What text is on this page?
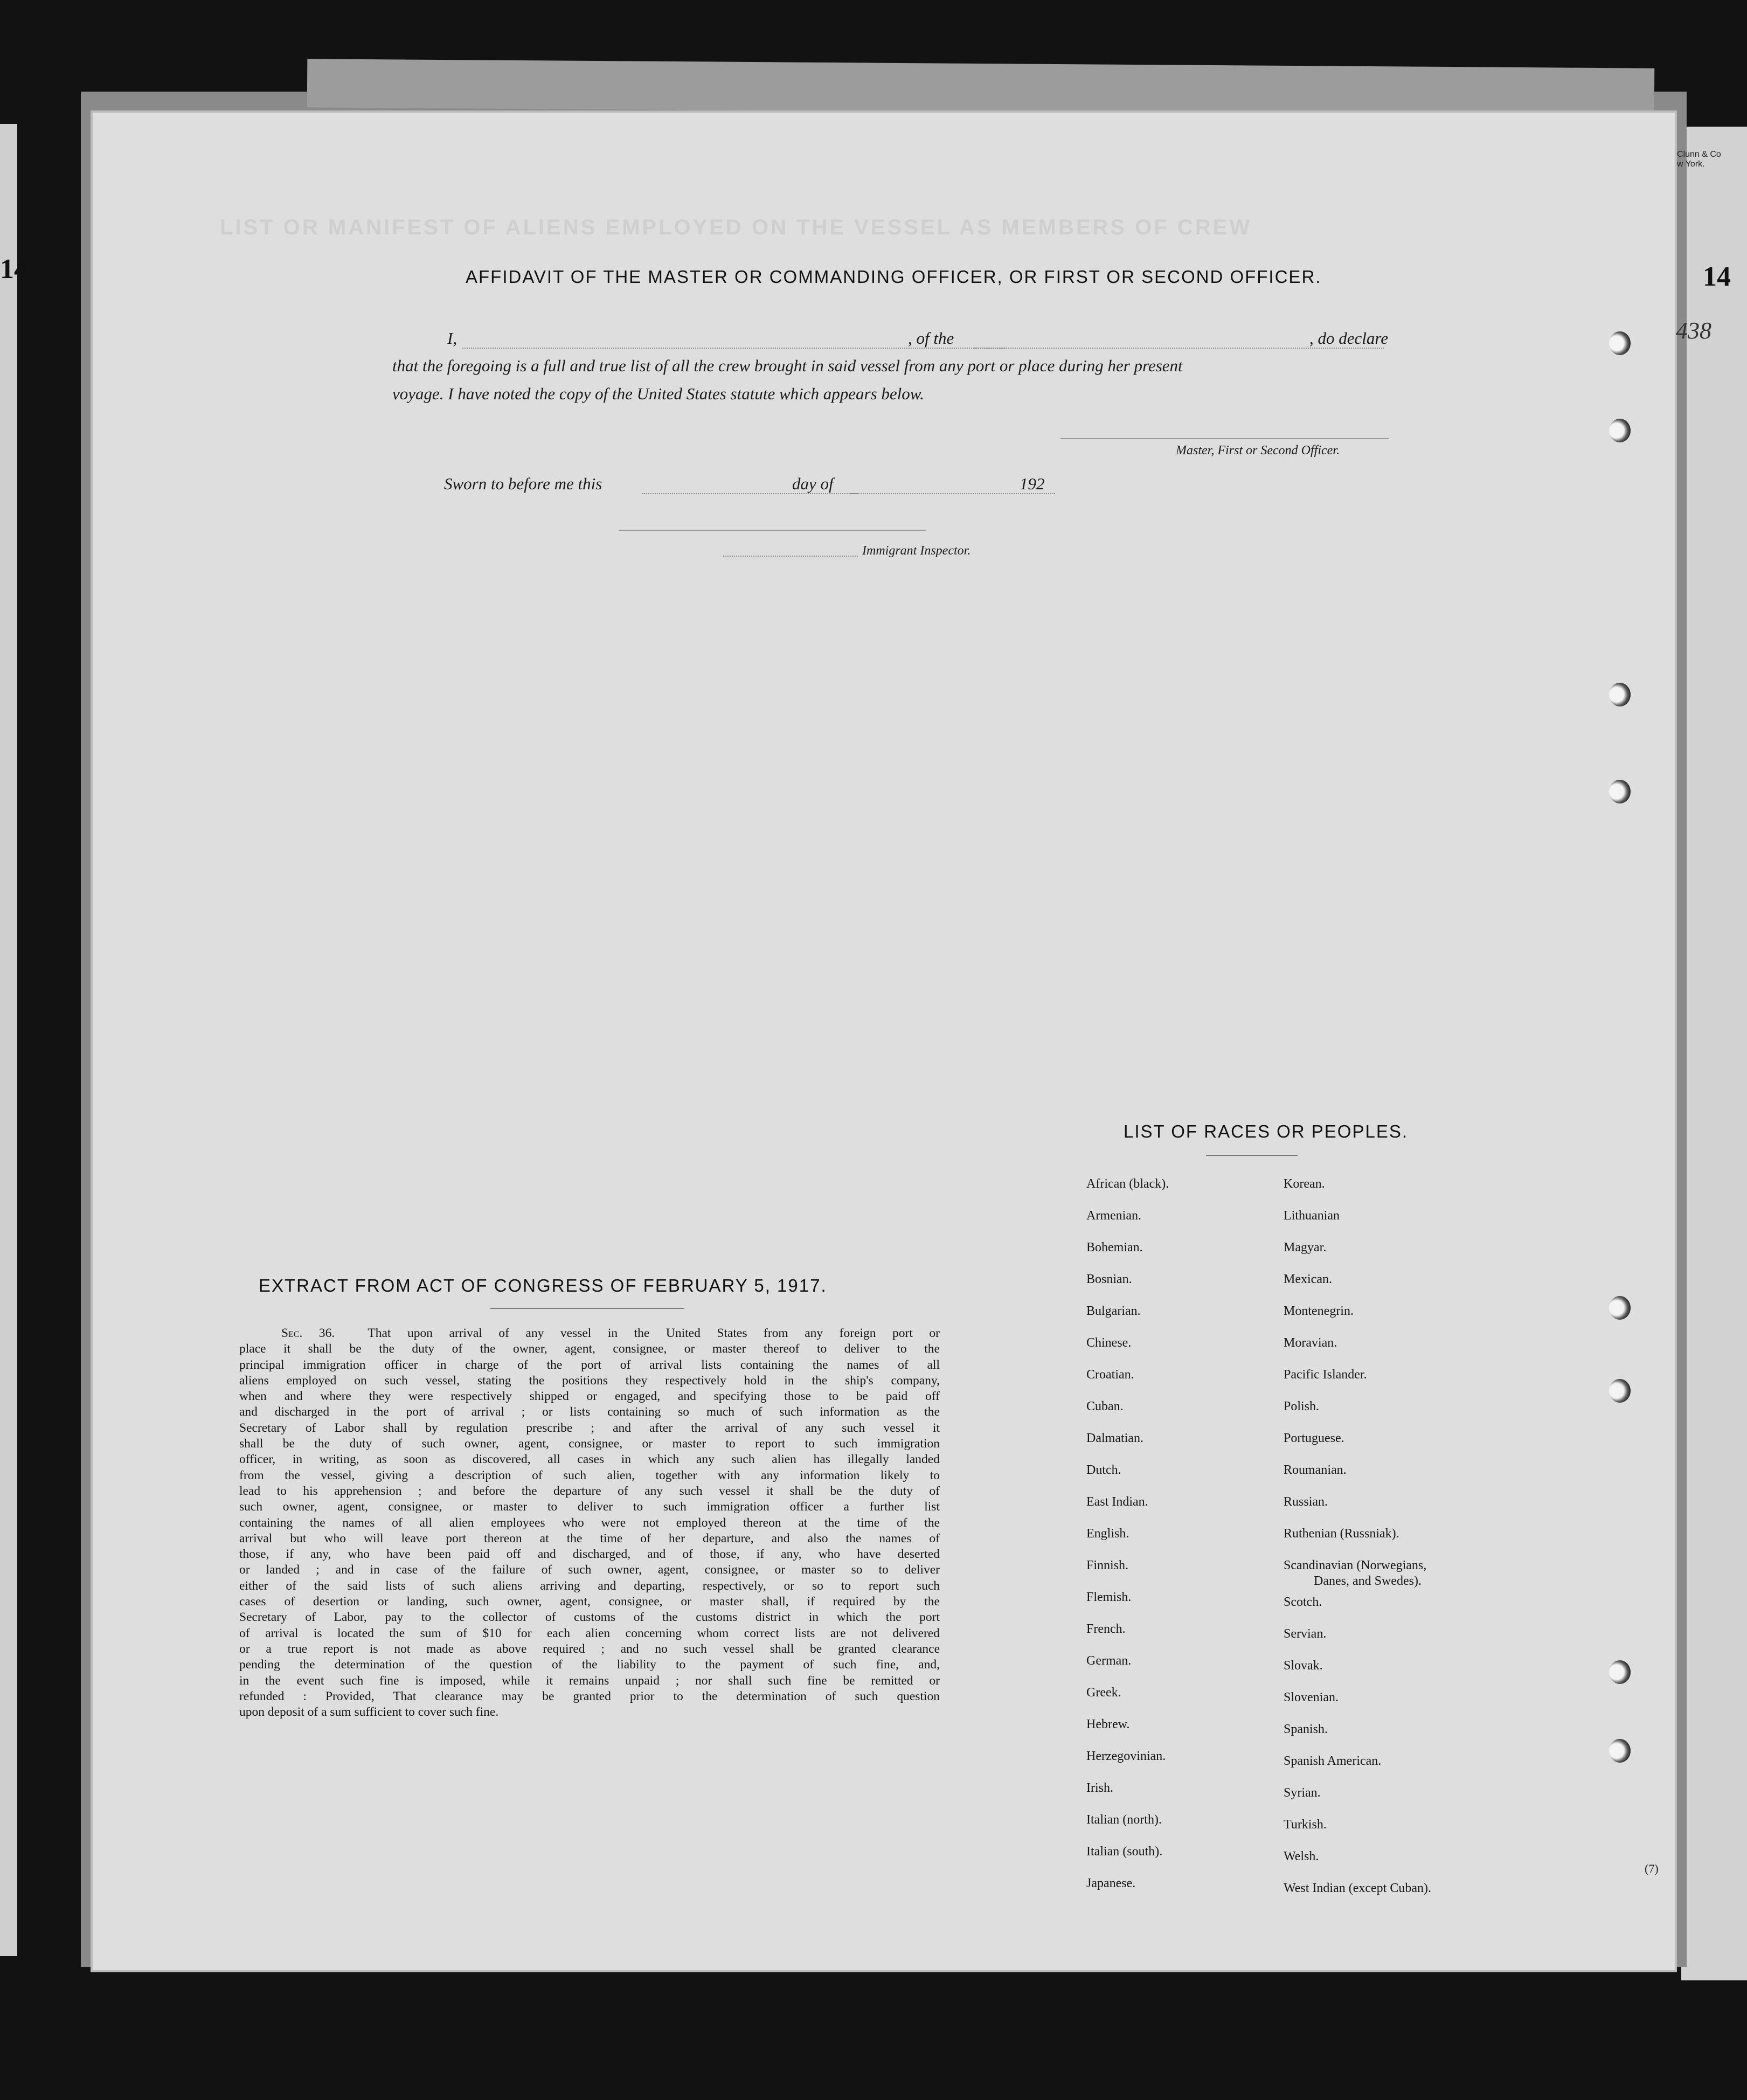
Clunn & Co
w York.
14
14
LIST OR MANIFEST OF ALIENS EMPLOYED ON THE VESSEL AS MEMBERS OF CREW
AFFIDAVIT OF THE MASTER OR COMMANDING OFFICER, OR FIRST OR SECOND OFFICER.
I,	, of the	, do declare
that the foregoing is a full and true list of all the crew brought in said vessel from any port or place during her present
voyage. I have noted the copy of the United States statute which appears below.
Master, First or Second Officer.
Sworn to before me this	day of	192
Immigrant Inspector.
LIST OF RACES OR PEOPLES.
African (black).
Armenian.
Bohemian.
Bosnian.
Bulgarian.
Chinese.
Croatian.
Cuban.
Dalmatian.
Dutch.
East Indian.
English.
Finnish.
Flemish.
French.
German.
Greek.
Hebrew.
Herzegovinian.
Irish.
Italian (north).
Italian (south).
Japanese.
Korean.
Lithuanian
Magyar.
Mexican.
Montenegrin.
Moravian.
Pacific Islander.
Polish.
Portuguese.
Roumanian.
Russian.
Ruthenian (Russniak).
Scandinavian (Norwegians,
Danes, and Swedes).
Scotch.
Servian.
Slovak.
Slovenian.
Spanish.
Spanish American.
Syrian.
Turkish.
Welsh.
West Indian (except Cuban).
EXTRACT FROM ACT OF CONGRESS OF FEBRUARY 5, 1917.
Sec. 36.	That upon arrival of any vessel in the United States from any foreign port or
place it shall be the duty of the owner, agent, consignee, or master thereof to deliver to the
principal immigration officer in charge of the port of arrival lists containing the names of all
aliens employed on such vessel, stating the positions they respectively hold in the ship's company,
when and where they were respectively shipped or engaged, and specifying those to be paid off
and discharged in the port of arrival ; or lists containing so much of such information as the
Secretary of Labor shall by regulation prescribe ; and after the arrival of any such vessel it
shall be the duty of such owner, agent, consignee, or master to report to such immigration
officer, in writing, as soon as discovered, all cases in which any such alien has illegally landed
from the vessel, giving a description of such alien, together with any information likely to
lead to his apprehension ; and before the departure of any such vessel it shall be the duty of
such owner, agent, consignee, or master to deliver to such immigration officer a further list
containing the names of all alien employees who were not employed thereon at the time of the
arrival but who will leave port thereon at the time of her departure, and also the names of
those, if any, who have been paid off and discharged, and of those, if any, who have deserted
or landed ; and in case of the failure of such owner, agent, consignee, or master so to deliver
either of the said lists of such aliens arriving and departing, respectively, or so to report such
cases of desertion or landing, such owner, agent, consignee, or master shall, if required by the
Secretary of Labor, pay to the collector of customs of the customs district in which the port
of arrival is located the sum of $10 for each alien concerning whom correct lists are not delivered
or a true report is not made as above required ; and no such vessel shall be granted clearance
pending the determination of the question of the liability to the payment of such fine, and,
in the event such fine is imposed, while it remains unpaid ; nor shall such fine be remitted or
refunded : Provided, That clearance may be granted prior to the determination of such question
upon deposit of a sum sufficient to cover such fine.
(7)
438
